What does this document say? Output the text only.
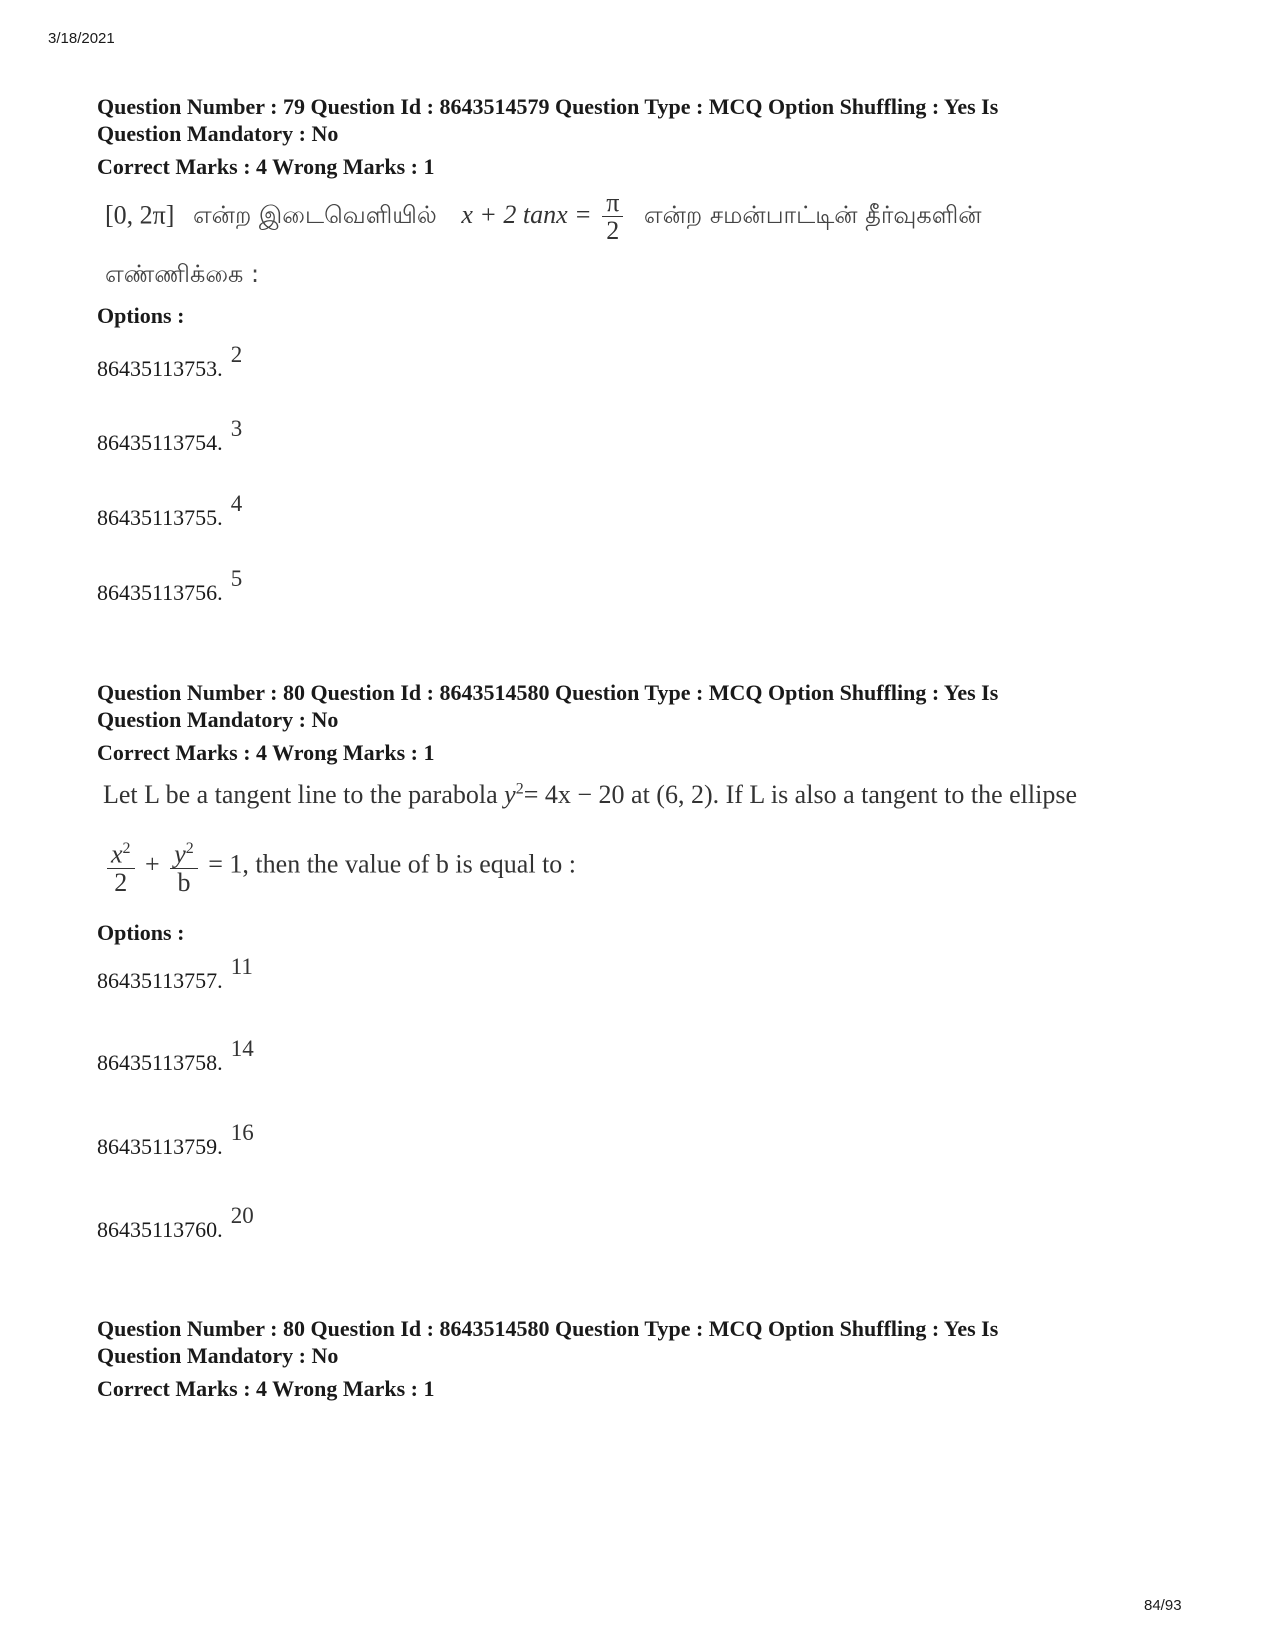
3/18/2021
Question Number : 79 Question Id : 8643514579 Question Type : MCQ Option Shuffling : Yes Is
Question Mandatory : No
Correct Marks : 4 Wrong Marks : 1
[0, 2π] என்ற இடைவெளியில் x + 2 $\tan x = \frac{\pi}{2}$ என்ற சமன்பாட்டின் தீர்வுகளின்
எண்ணிக்கை :
Options :
86435113753.2
86435113754.3
86435113755.4
86435113756.5
Question Number : 80 Question Id : 8643514580 Question Type : MCQ Option Shuffling : Yes Is
Question Mandatory : No
Correct Marks : 4 Wrong Marks : 1
Let L be a tangent line to the parabola $y^2= 4x - 20$ at (6, 2). If L is also a tangent to the ellipse
$\frac{x^2}{2} + \frac{y^2}{b} = 1$, then the value of b is equal to :
Options :
86435113757.11
86435113758.14
86435113759.16
86435113760.20
Question Number : 80 Question Id : 8643514580 Question Type : MCQ Option Shuffling : Yes Is
Question Mandatory : No
Correct Marks : 4 Wrong Marks : 1
84/93
